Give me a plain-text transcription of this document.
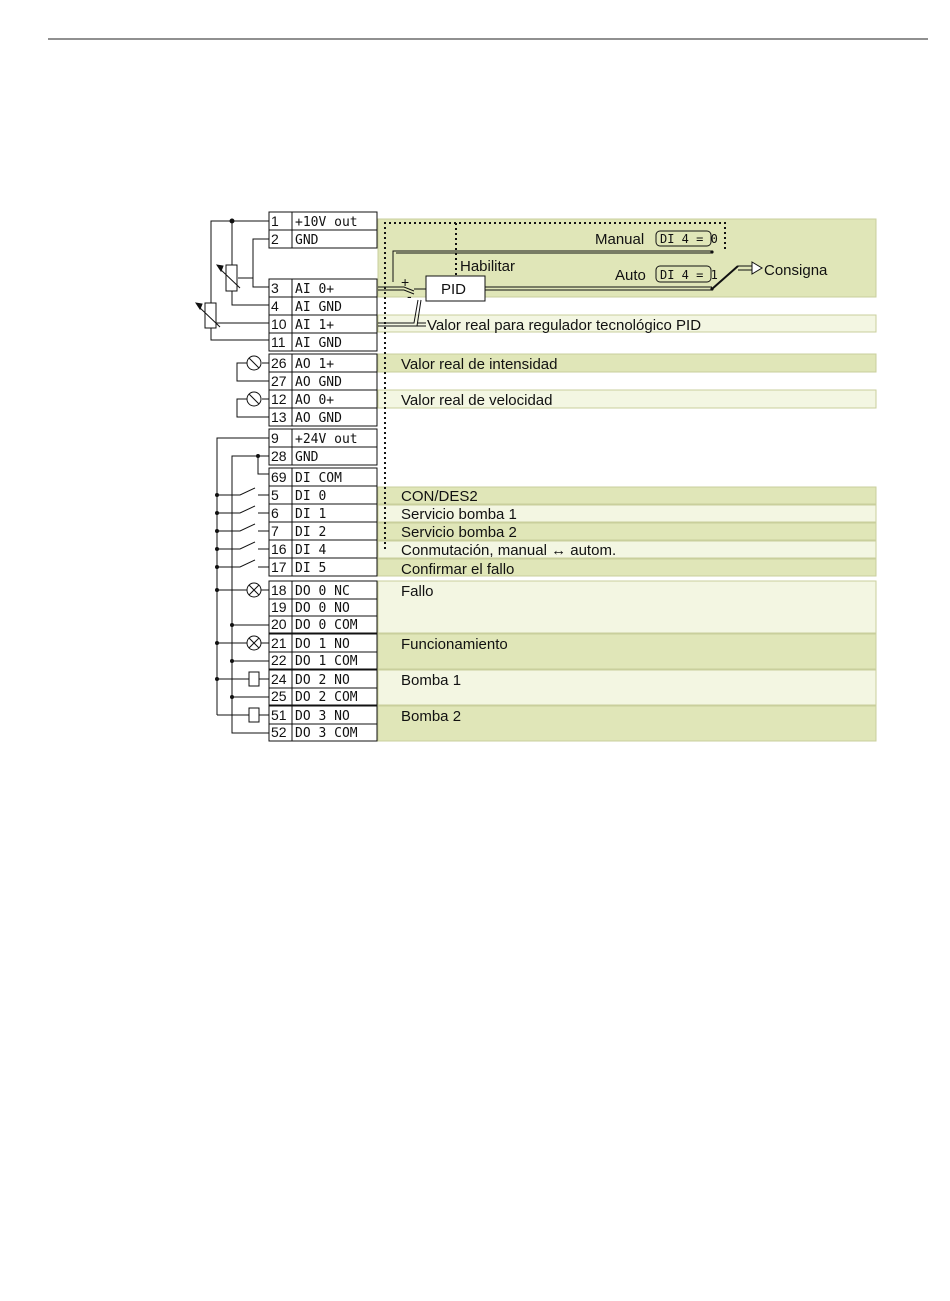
1 +10V out
2 GND
3 AI 0+
4 AI GND
10 AI 1+
11 AI GND
26 AO 1+
27 AO GND
12 AO 0+
13 AO GND
9 +24V out
28 GND
69 DI COM
5 DI 0
6 DI 1
7 DI 2
16 DI 4
17 DI 5
18 DO 0 NC
19 DO 0 NO
20 DO 0 COM
21 DO 1 NO
22 DO 1 COM
24 DO 2 NO
25 DO 2 COM
51 DO 3 NO
52 DO 3 COM
Valor real para regulador tecnológico PID
Valor real de intensidad
Valor real de velocidad
CON/DES2
Servicio bomba 1
Servicio bomba 2
Conmutación, manual ↔ autom.
Confirmar el fallo
Fallo
Funcionamiento
Bomba 1
Bomba 2
Habilitar
Manual DI 4 = 0
PID
+
-
Auto DI 4 = 1	Consigna
